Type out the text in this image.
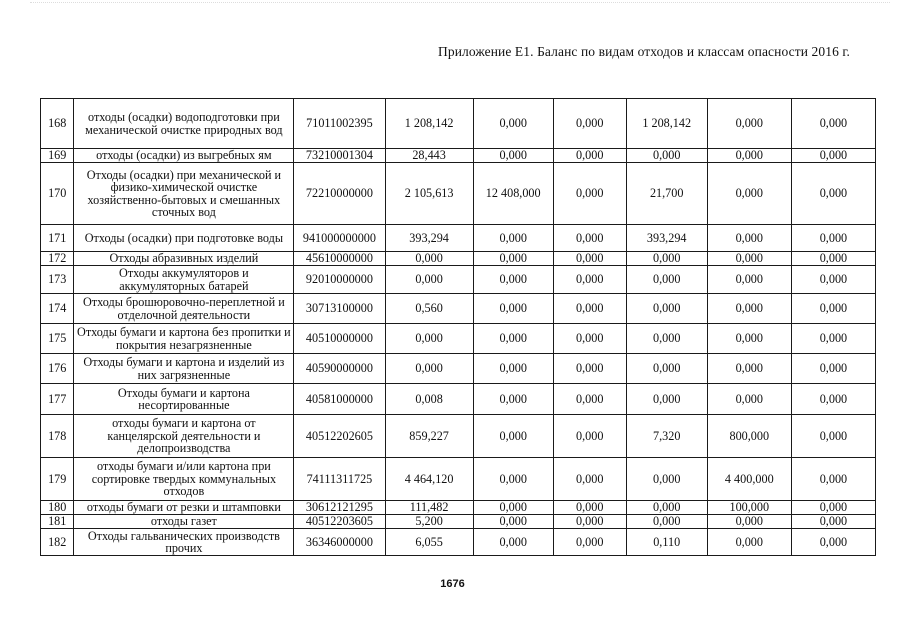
Приложение Е1. Баланс по видам отходов и классам опасности 2016 г.
168	отходы (осадки) водоподготовки при механической очистке природных вод	71011002395	1 208,142	0,000	0,000	1 208,142	0,000	0,000
169	отходы (осадки) из выгребных ям	73210001304	28,443	0,000	0,000	0,000	0,000	0,000
170	Отходы (осадки) при механической и физико-химической очистке хозяйственно-бытовых и смешанных сточных вод	72210000000	2 105,613	12 408,000	0,000	21,700	0,000	0,000
171	Отходы (осадки) при подготовке воды	941000000000	393,294	0,000	0,000	393,294	0,000	0,000
172	Отходы абразивных изделий	45610000000	0,000	0,000	0,000	0,000	0,000	0,000
173	Отходы аккумуляторов и аккумуляторных батарей	92010000000	0,000	0,000	0,000	0,000	0,000	0,000
174	Отходы брошюровочно-переплетной и отделочной деятельности	30713100000	0,560	0,000	0,000	0,000	0,000	0,000
175	Отходы бумаги и картона без пропитки и покрытия незагрязненные	40510000000	0,000	0,000	0,000	0,000	0,000	0,000
176	Отходы бумаги и картона и изделий из них загрязненные	40590000000	0,000	0,000	0,000	0,000	0,000	0,000
177	Отходы бумаги и картона несортированные	40581000000	0,008	0,000	0,000	0,000	0,000	0,000
178	отходы бумаги и картона от канцелярской деятельности и делопроизводства	40512202605	859,227	0,000	0,000	7,320	800,000	0,000
179	отходы бумаги и/или картона при сортировке твердых коммунальных отходов	74111311725	4 464,120	0,000	0,000	0,000	4 400,000	0,000
180	отходы бумаги от резки и штамповки	30612121295	111,482	0,000	0,000	0,000	100,000	0,000
181	отходы газет	40512203605	5,200	0,000	0,000	0,000	0,000	0,000
182	Отходы гальванических производств прочих	36346000000	6,055	0,000	0,000	0,110	0,000	0,000
1676
